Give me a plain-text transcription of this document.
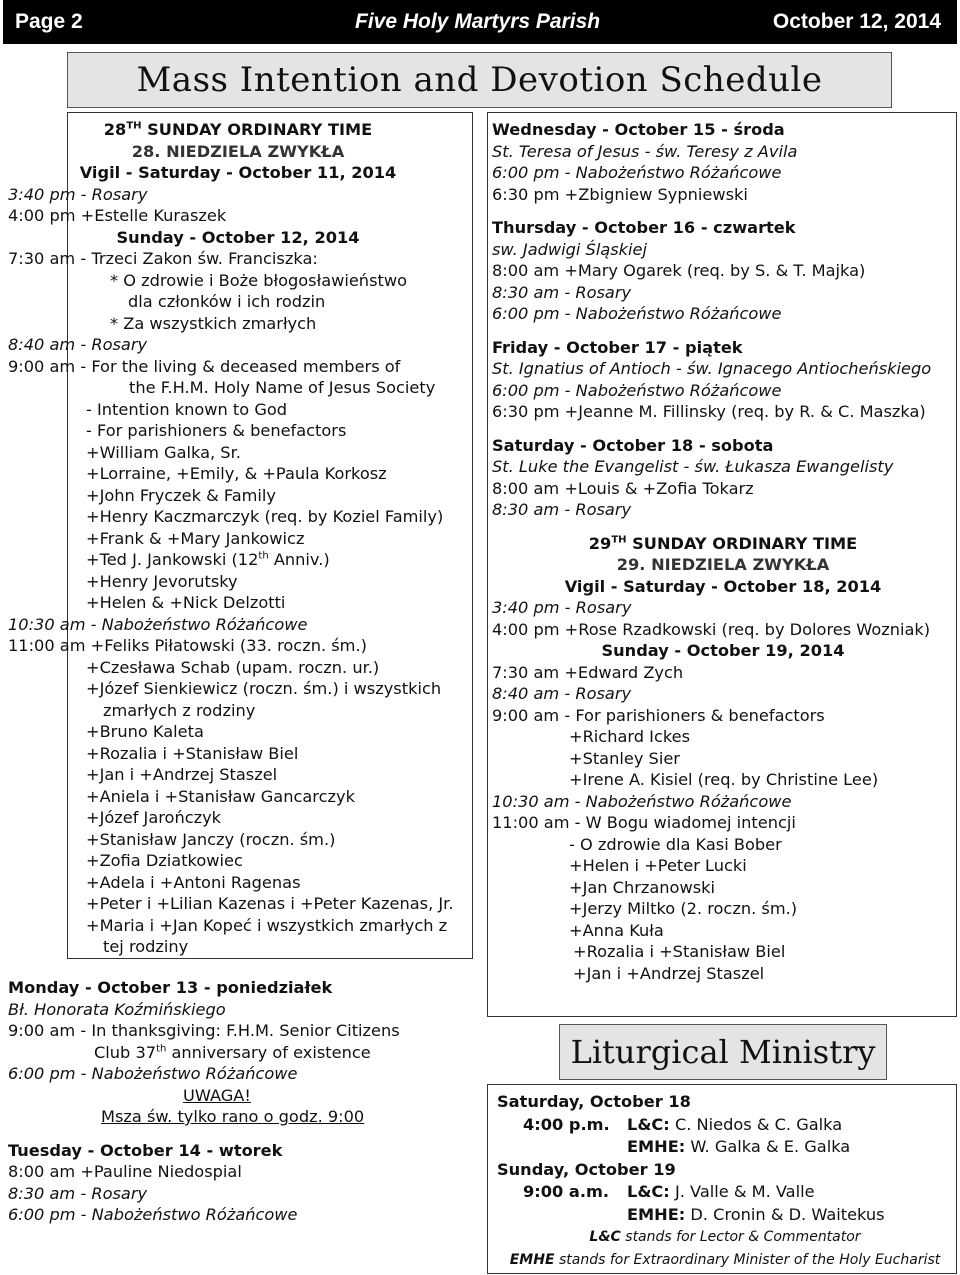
Page 2	Five Holy Martyrs Parish	October 12, 2014
Mass Intention and Devotion Schedule
28TH SUNDAY ORDINARY TIME
28. NIEDZIELA ZWYKŁA
Vigil - Saturday - October 11, 2014
3:40 pm - Rosary
4:00 pm +Estelle Kuraszek
Sunday - October 12, 2014
7:30 am - Trzeci Zakon św. Franciszka:
* O zdrowie i Boże błogosławieństwo
dla członków i ich rodzin
* Za wszystkich zmarłych
8:40 am - Rosary
9:00 am - For the living & deceased members of
the F.H.M. Holy Name of Jesus Society
- Intention known to God
- For parishioners & benefactors
+William Galka, Sr.
+Lorraine, +Emily, & +Paula Korkosz
+John Fryczek & Family
+Henry Kaczmarczyk (req. by Koziel Family)
+Frank & +Mary Jankowicz
+Ted J. Jankowski (12th Anniv.)
+Henry Jevorutsky
+Helen & +Nick Delzotti
10:30 am - Nabożeństwo Różańcowe
11:00 am +Feliks Piłatowski (33. roczn. śm.)
+Czesława Schab (upam. roczn. ur.)
+Józef Sienkiewicz (roczn. śm.) i wszystkich
zmarłych z rodziny
+Bruno Kaleta
+Rozalia i +Stanisław Biel
+Jan i +Andrzej Staszel
+Aniela i +Stanisław Gancarczyk
+Józef Jarończyk
+Stanisław Janczy (roczn. śm.)
+Zofia Dziatkowiec
+Adela i +Antoni Ragenas
+Peter i +Lilian Kazenas i +Peter Kazenas, Jr.
+Maria i +Jan Kopeć i wszystkich zmarłych z
tej rodziny
Monday - October 13 - poniedziałek
Bł. Honorata Koźmińskiego
9:00 am - In thanksgiving: F.H.M. Senior Citizens
Club 37th anniversary of existence
6:00 pm - Nabożeństwo Różańcowe
UWAGA!
Msza św. tylko rano o godz. 9:00
Tuesday - October 14 - wtorek
8:00 am +Pauline Niedospial
8:30 am - Rosary
6:00 pm - Nabożeństwo Różańcowe
Wednesday - October 15 - środa
St. Teresa of Jesus - św. Teresy z Avila
6:00 pm - Nabożeństwo Różańcowe
6:30 pm +Zbigniew Sypniewski
Thursday - October 16 - czwartek
sw. Jadwigi Śląskiej
8:00 am +Mary Ogarek (req. by S. & T. Majka)
8:30 am - Rosary
6:00 pm - Nabożeństwo Różańcowe
Friday - October 17 - piątek
St. Ignatius of Antioch - św. Ignacego Antiocheńskiego
6:00 pm - Nabożeństwo Różańcowe
6:30 pm +Jeanne M. Fillinsky (req. by R. & C. Maszka)
Saturday - October 18 - sobota
St. Luke the Evangelist - św. Łukasza Ewangelisty
8:00 am +Louis & +Zofia Tokarz
8:30 am - Rosary
29TH SUNDAY ORDINARY TIME
29. NIEDZIELA ZWYKŁA
Vigil - Saturday - October 18, 2014
3:40 pm - Rosary
4:00 pm +Rose Rzadkowski (req. by Dolores Wozniak)
Sunday - October 19, 2014
7:30 am +Edward Zych
8:40 am - Rosary
9:00 am - For parishioners & benefactors
+Richard Ickes
+Stanley Sier
+Irene A. Kisiel (req. by Christine Lee)
10:30 am - Nabożeństwo Różańcowe
11:00 am - W Bogu wiadomej intencji
- O zdrowie dla Kasi Bober
+Helen i +Peter Lucki
+Jan Chrzanowski
+Jerzy Miltko (2. roczn. śm.)
+Anna Kuła
+Rozalia i +Stanisław Biel
+Jan i +Andrzej Staszel
Liturgical Ministry
Saturday, October 18
4:00 p.m. L&C: C. Niedos & C. Galka
EMHE: W. Galka & E. Galka
Sunday, October 19
9:00 a.m. L&C: J. Valle & M. Valle
EMHE: D. Cronin & D. Waitekus
L&C stands for Lector & Commentator
EMHE stands for Extraordinary Minister of the Holy Eucharist
